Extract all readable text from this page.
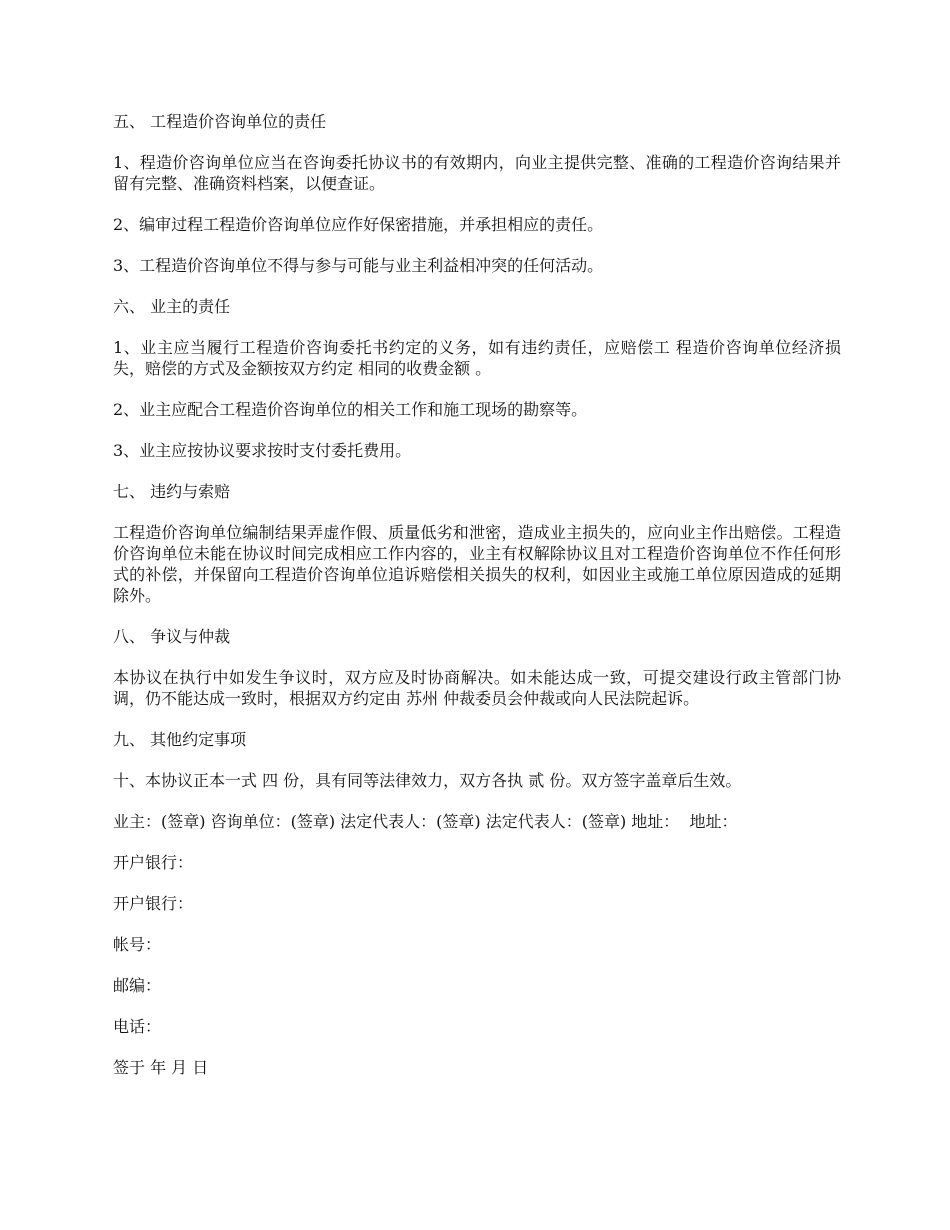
五、 工程造价咨询单位的责任
1、程造价咨询单位应当在咨询委托协议书的有效期内，向业主提供完整、准确的工程造价咨询结果并留有完整、准确资料档案，以便查证。
2、编审过程工程造价咨询单位应作好保密措施，并承担相应的责任。
3、工程造价咨询单位不得与参与可能与业主利益相冲突的任何活动。
六、 业主的责任
1、业主应当履行工程造价咨询委托书约定的义务，如有违约责任，应赔偿工 程造价咨询单位经济损失，赔偿的方式及金额按双方约定 相同的收费金额 。
2、业主应配合工程造价咨询单位的相关工作和施工现场的勘察等。
3、业主应按协议要求按时支付委托费用。
七、 违约与索赔
工程造价咨询单位编制结果弄虚作假、质量低劣和泄密，造成业主损失的，应向业主作出赔偿。工程造价咨询单位未能在协议时间完成相应工作内容的，业主有权解除协议且对工程造价咨询单位不作任何形式的补偿，并保留向工程造价咨询单位追诉赔偿相关损失的权利，如因业主或施工单位原因造成的延期除外。
八、 争议与仲裁
本协议在执行中如发生争议时，双方应及时协商解决。如未能达成一致，可提交建设行政主管部门协调，仍不能达成一致时，根据双方约定由 苏州 仲裁委员会仲裁或向人民法院起诉。
九、 其他约定事项
十、本协议正本一式 四 份，具有同等法律效力，双方各执 贰 份。双方签字盖章后生效。
业主：(签章) 咨询单位：(签章) 法定代表人：(签章) 法定代表人：(签章) 地址：  地址：
开户银行：
开户银行：
帐号：
邮编：
电话：
签于 年 月 日
